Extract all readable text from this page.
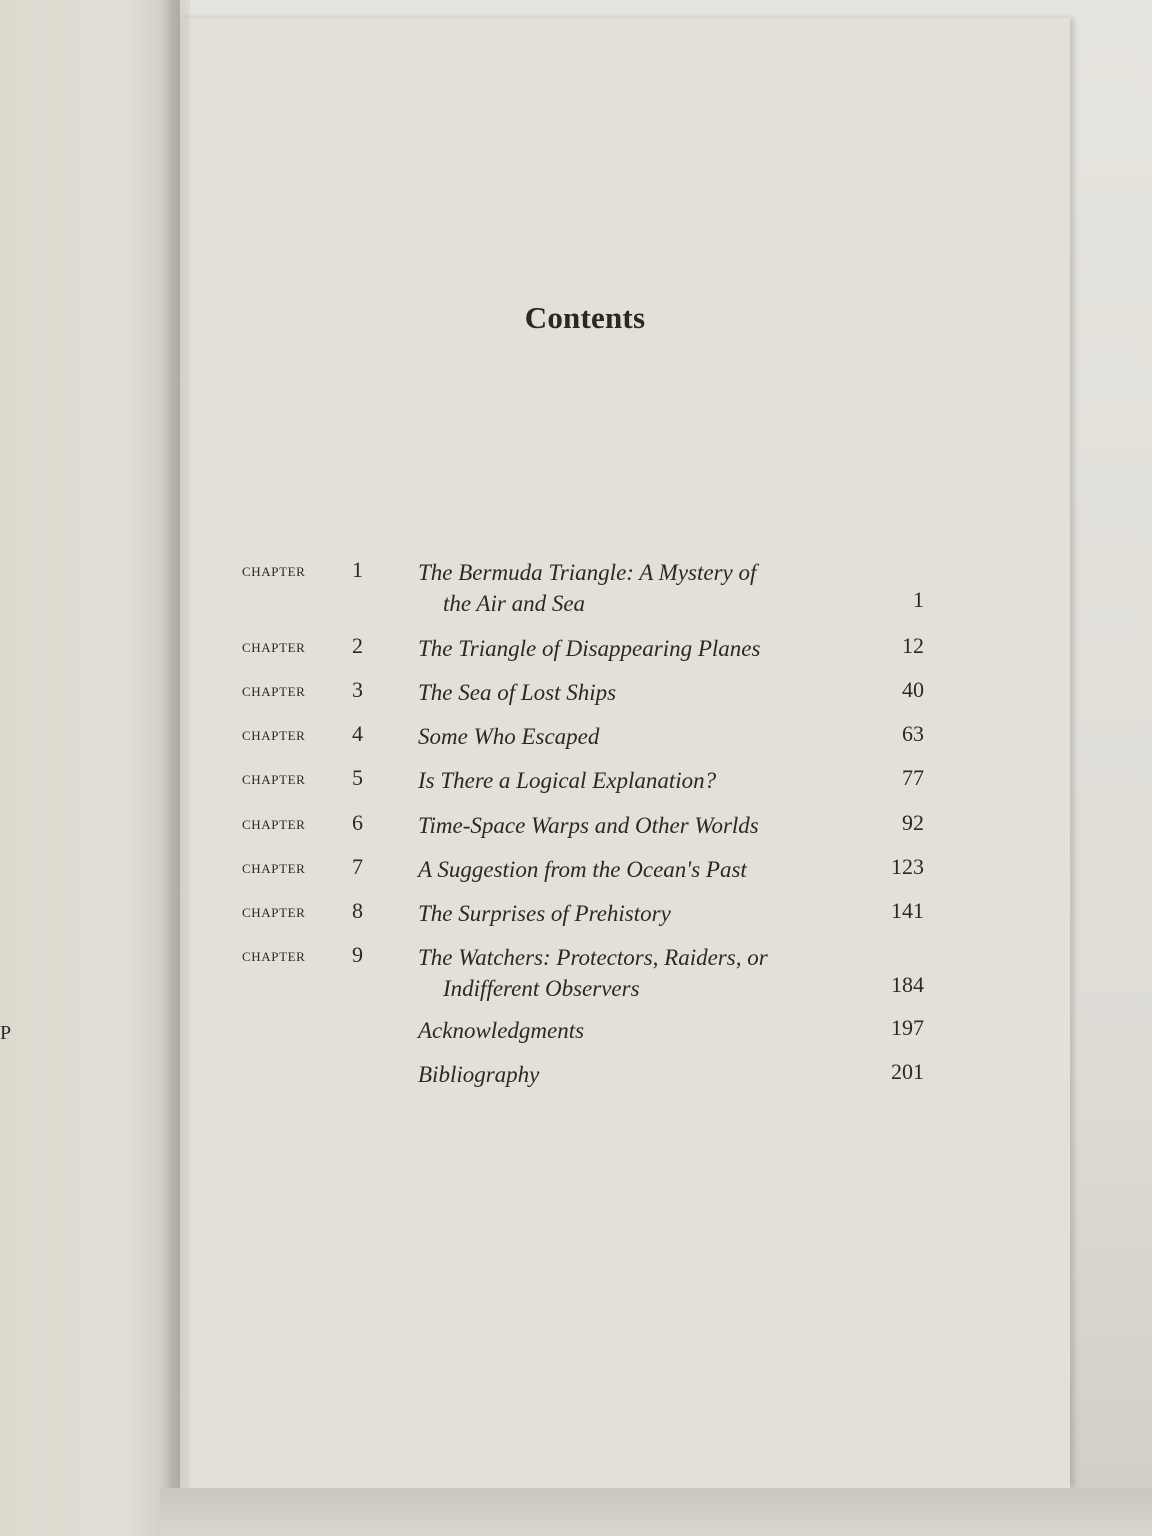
P
Contents
chapter 1 The Bermuda Triangle: A Mystery of
the Air and Sea	1
chapter 2 The Triangle of Disappearing Planes	12
chapter 3 The Sea of Lost Ships	40
chapter 4 Some Who Escaped	63
chapter 5 Is There a Logical Explanation?	77
chapter 6 Time-Space Warps and Other Worlds	92
chapter 7 A Suggestion from the Ocean's Past	123
chapter 8 The Surprises of Prehistory	141
chapter 9 The Watchers: Protectors, Raiders, or
Indifferent Observers	184
Acknowledgments	197
Bibliography	201
